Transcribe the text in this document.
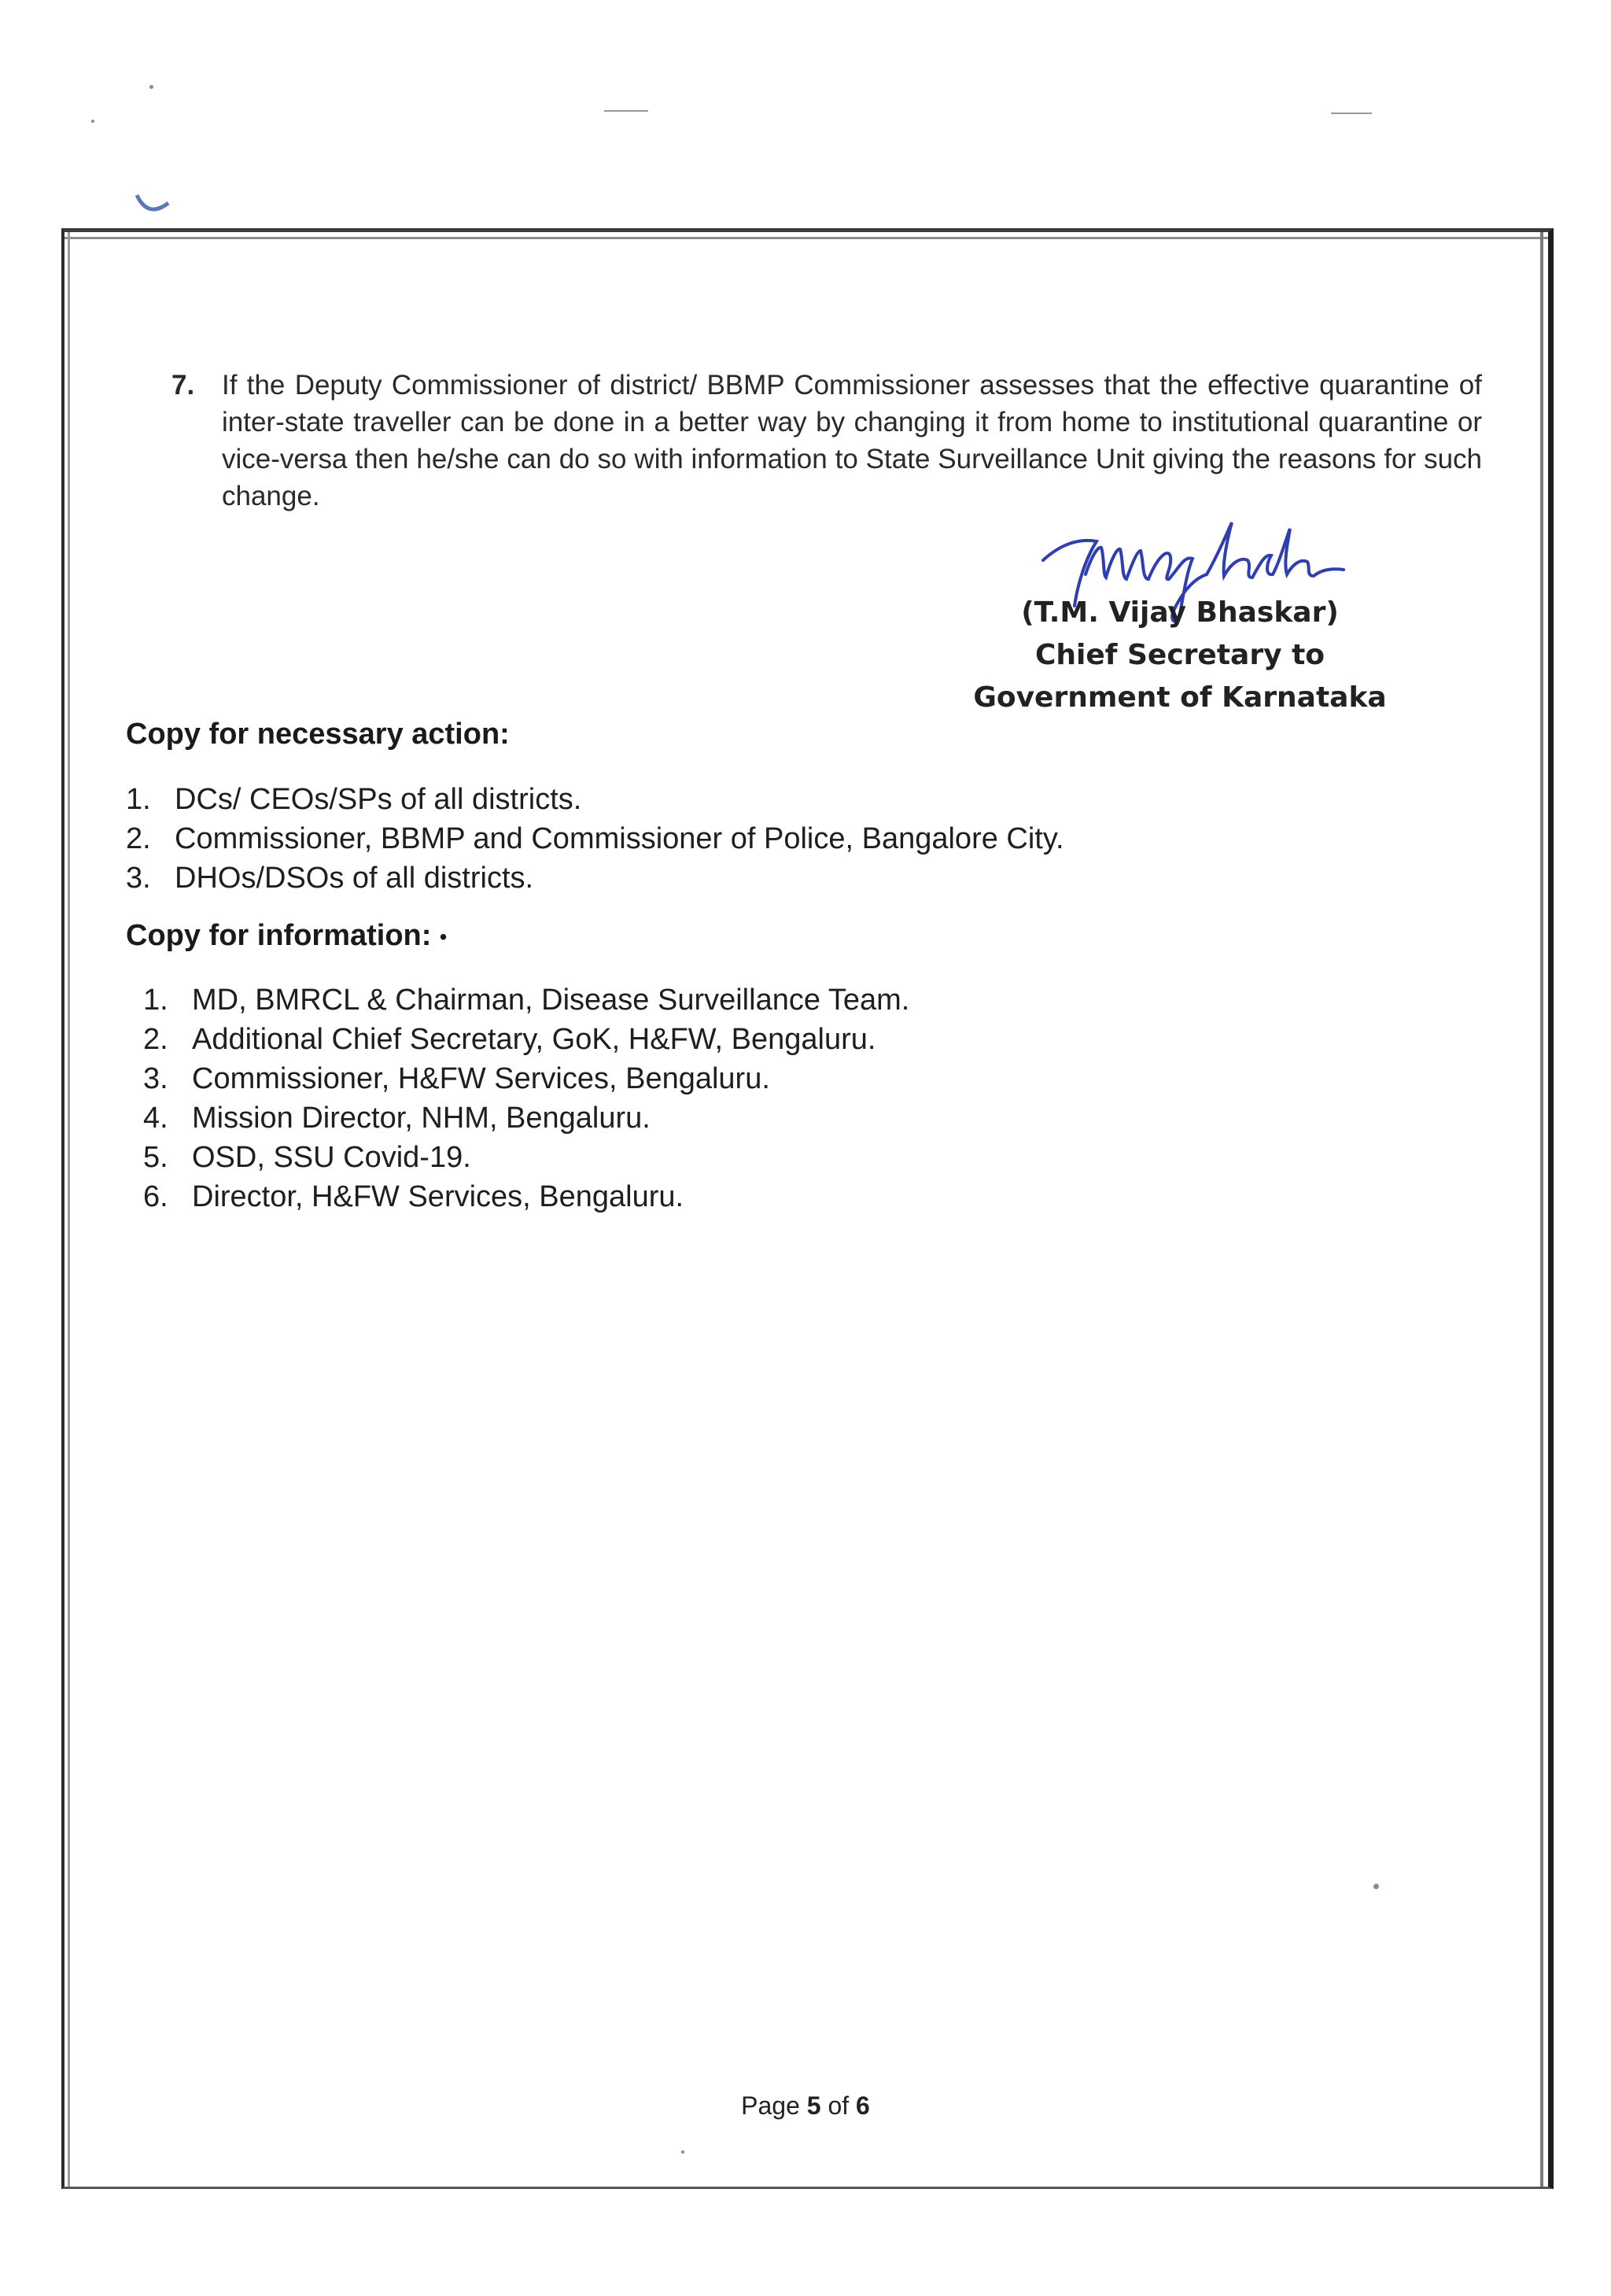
7. If the Deputy Commissioner of district/ BBMP Commissioner assesses that the effective quarantine of inter-state traveller can be done in a better way by changing it from home to institutional quarantine or vice-versa then he/she can do so with information to State Surveillance Unit giving the reasons for such change.
(T.M. Vijay Bhaskar)
Chief Secretary to
Government of Karnataka
Copy for necessary action:
1. DCs/ CEOs/SPs of all districts.
2. Commissioner, BBMP and Commissioner of Police, Bangalore City.
3. DHOs/DSOs of all districts.
Copy for information: •
1. MD, BMRCL & Chairman, Disease Surveillance Team.
2. Additional Chief Secretary, GoK, H&FW, Bengaluru.
3. Commissioner, H&FW Services, Bengaluru.
4. Mission Director, NHM, Bengaluru.
5. OSD, SSU Covid-19.
6. Director, H&FW Services, Bengaluru.
Page 5 of 6
